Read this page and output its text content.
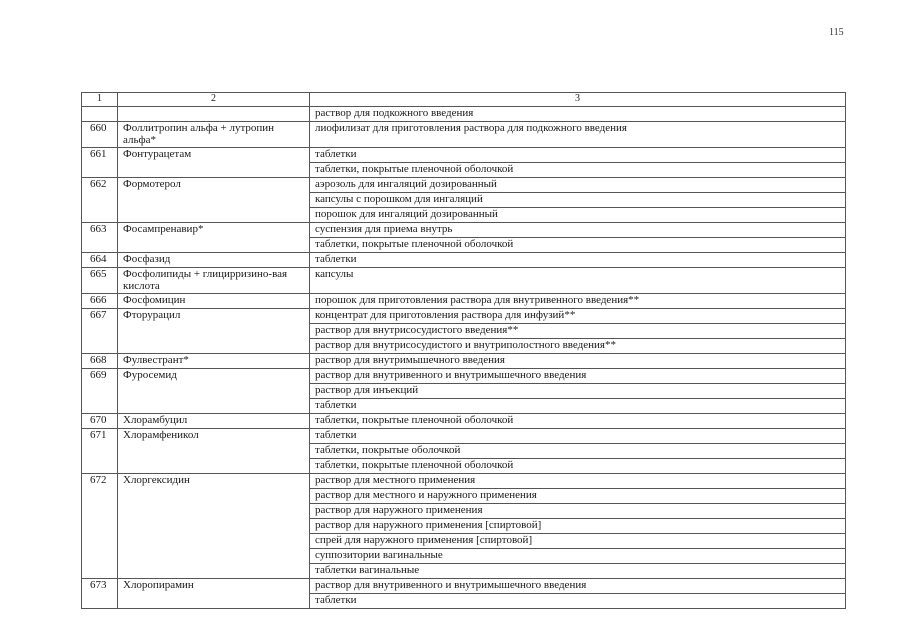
115
1	2	3
		раствор для подкожного введения
660	Фоллитропин альфа + лутропин альфа*	лиофилизат для приготовления раствора для подкожного введения
661	Фонтурацетам	таблетки
		таблетки, покрытые пленочной оболочкой
662	Формотерол	аэрозоль для ингаляций дозированный
		капсулы с порошком для ингаляций
		порошок для ингаляций дозированный
663	Фосампренавир*	суспензия для приема внутрь
		таблетки, покрытые пленочной оболочкой
664	Фосфазид	таблетки
665	Фосфолипиды + глицирризино-вая кислота	капсулы
666	Фосфомицин	порошок для приготовления раствора для внутривенного введения**
667	Фторурацил	концентрат для приготовления раствора для инфузий**
		раствор для внутрисосудистого введения**
		раствор для внутрисосудистого и внутриполостного введения**
668	Фулвестрант*	раствор для внутримышечного введения
669	Фуросемид	раствор для внутривенного и внутримышечного введения
		раствор для инъекций
		таблетки
670	Хлорамбуцил	таблетки, покрытые пленочной оболочкой
671	Хлорамфеникол	таблетки
		таблетки, покрытые оболочкой
		таблетки, покрытые пленочной оболочкой
672	Хлоргексидин	раствор для местного применения
		раствор для местного и наружного применения
		раствор для наружного применения
		раствор для наружного применения [спиртовой]
		спрей для наружного применения [спиртовой]
		суппозитории вагинальные
		таблетки вагинальные
673	Хлоропирамин	раствор для внутривенного и внутримышечного введения
		таблетки
